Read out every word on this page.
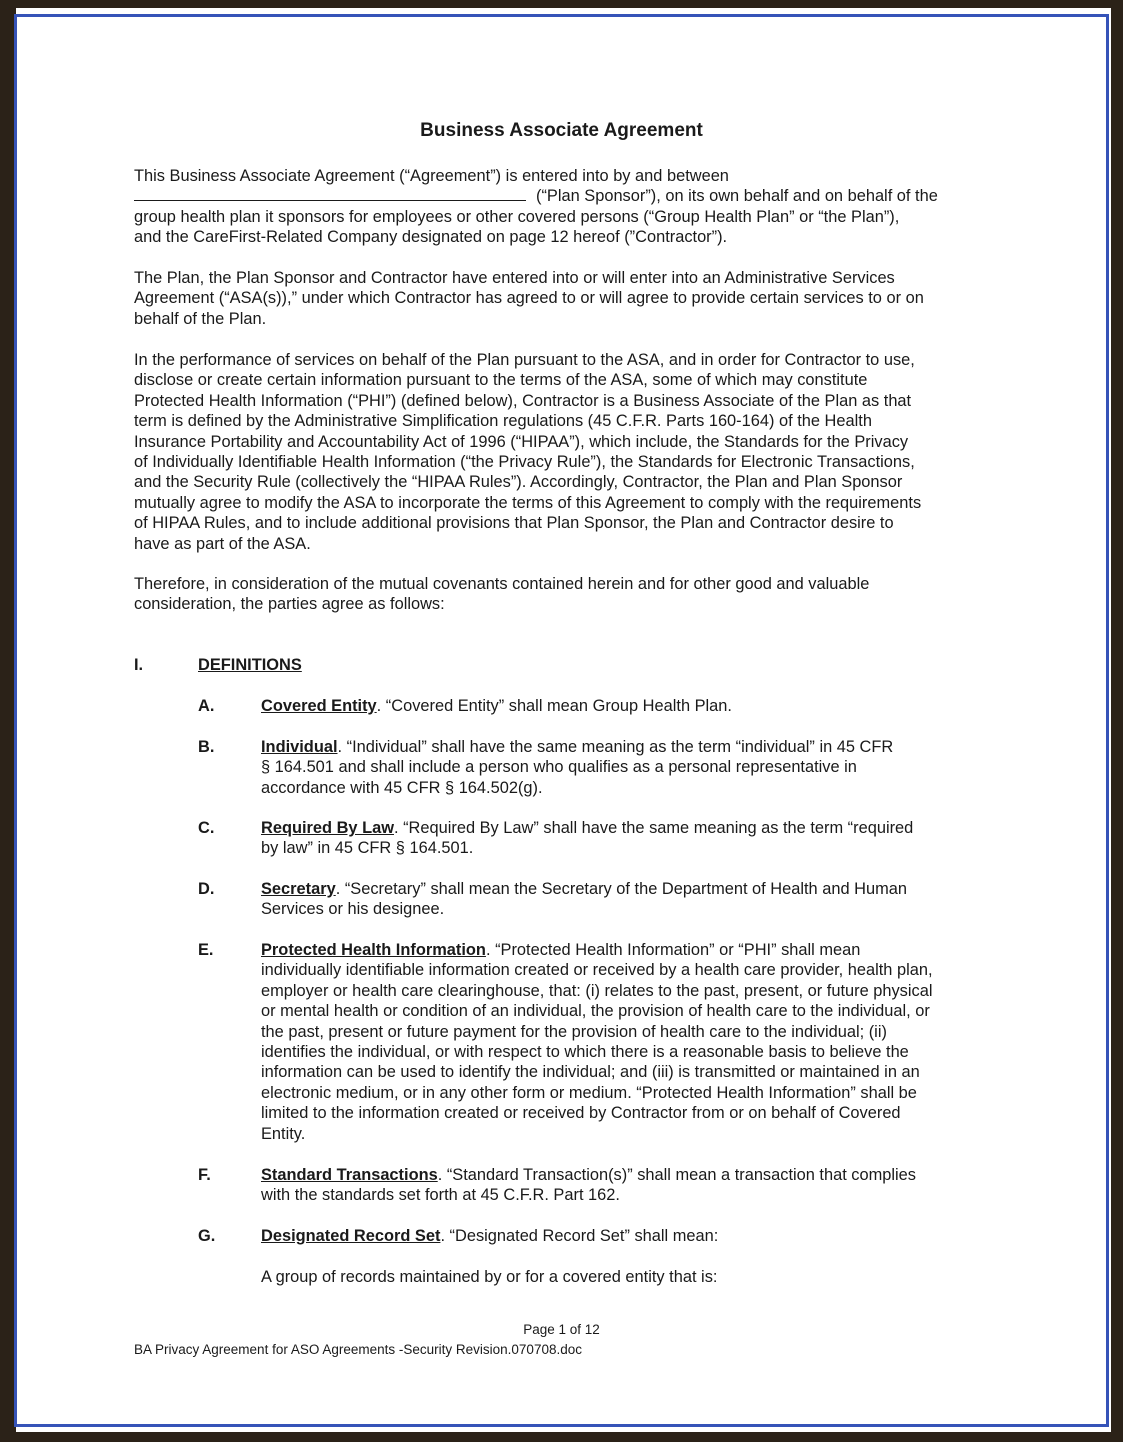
Business Associate Agreement
This Business Associate Agreement (“Agreement”) is entered into by and between
(“Plan Sponsor”), on its own behalf and on behalf of the
group health plan it sponsors for employees or other covered persons (“Group Health Plan” or “the Plan”),
and the CareFirst-Related Company designated on page 12 hereof (”Contractor”).
The Plan, the Plan Sponsor and Contractor have entered into or will enter into an Administrative Services
Agreement (“ASA(s)),” under which Contractor has agreed to or will agree to provide certain services to or on
behalf of the Plan.
In the performance of services on behalf of the Plan pursuant to the ASA, and in order for Contractor to use,
disclose or create certain information pursuant to the terms of the ASA, some of which may constitute
Protected Health Information (“PHI”) (defined below), Contractor is a Business Associate of the Plan as that
term is defined by the Administrative Simplification regulations (45 C.F.R. Parts 160-164) of the Health
Insurance Portability and Accountability Act of 1996 (“HIPAA”), which include, the Standards for the Privacy
of Individually Identifiable Health Information (“the Privacy Rule”), the Standards for Electronic Transactions,
and the Security Rule (collectively the “HIPAA Rules”). Accordingly, Contractor, the Plan and Plan Sponsor
mutually agree to modify the ASA to incorporate the terms of this Agreement to comply with the requirements
of HIPAA Rules, and to include additional provisions that Plan Sponsor, the Plan and Contractor desire to
have as part of the ASA.
Therefore, in consideration of the mutual covenants contained herein and for other good and valuable
consideration, the parties agree as follows:
I.	DEFINITIONS
A.	Covered Entity. “Covered Entity” shall mean Group Health Plan.
B.	Individual. “Individual” shall have the same meaning as the term “individual” in 45 CFR
§ 164.501 and shall include a person who qualifies as a personal representative in
accordance with 45 CFR § 164.502(g).
C.	Required By Law. “Required By Law” shall have the same meaning as the term “required
by law” in 45 CFR § 164.501.
D.	Secretary. “Secretary” shall mean the Secretary of the Department of Health and Human
Services or his designee.
E.	Protected Health Information. “Protected Health Information” or “PHI” shall mean
individually identifiable information created or received by a health care provider, health plan,
employer or health care clearinghouse, that: (i) relates to the past, present, or future physical
or mental health or condition of an individual, the provision of health care to the individual, or
the past, present or future payment for the provision of health care to the individual; (ii)
identifies the individual, or with respect to which there is a reasonable basis to believe the
information can be used to identify the individual; and (iii) is transmitted or maintained in an
electronic medium, or in any other form or medium. “Protected Health Information” shall be
limited to the information created or received by Contractor from or on behalf of Covered
Entity.
F.	Standard Transactions. “Standard Transaction(s)” shall mean a transaction that complies
with the standards set forth at 45 C.F.R. Part 162.
G.	Designated Record Set. “Designated Record Set” shall mean:
A group of records maintained by or for a covered entity that is:
Page 1 of 12
BA Privacy Agreement for ASO Agreements -Security Revision.070708.doc
